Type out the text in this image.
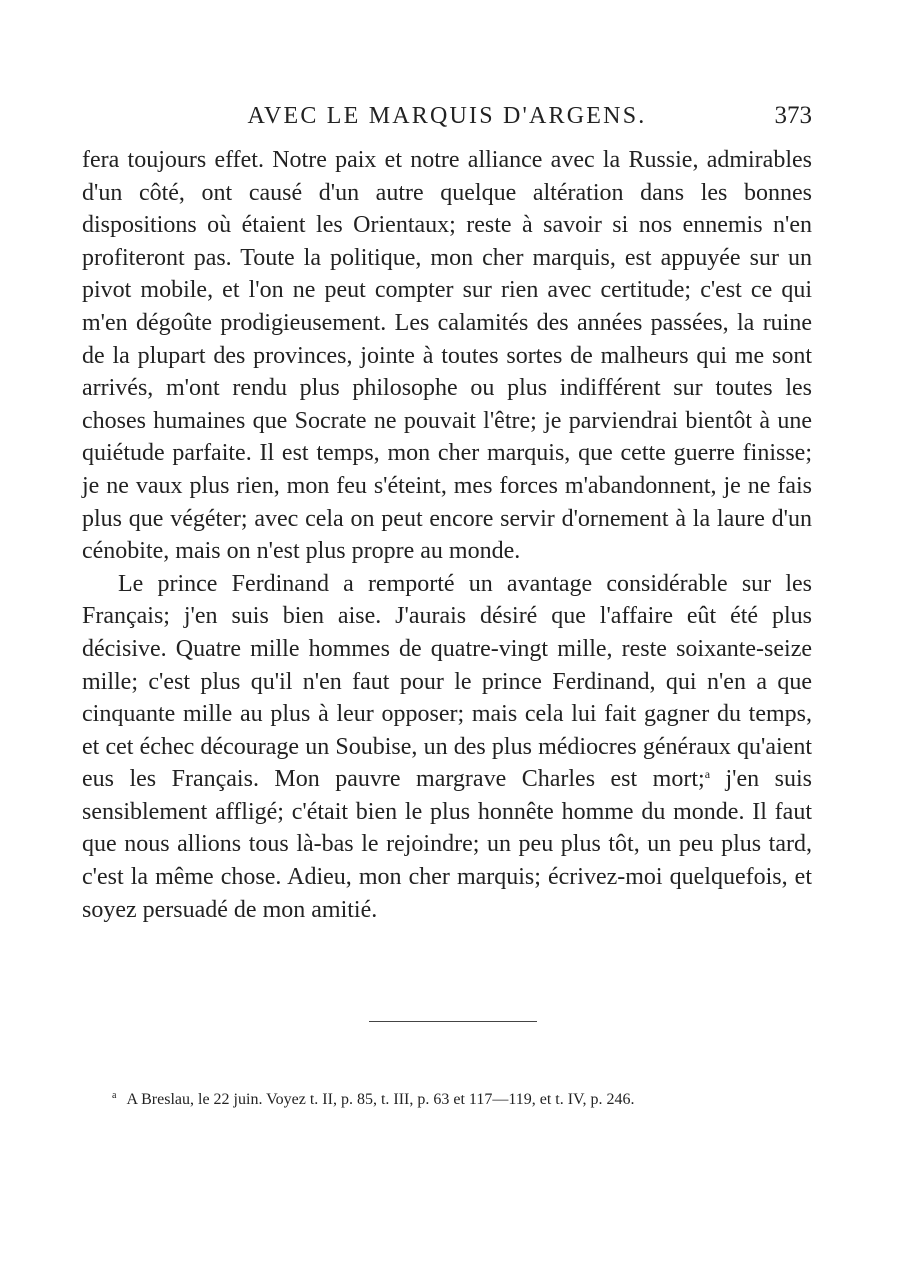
AVEC LE MARQUIS D'ARGENS.	373

fera toujours effet. Notre paix et notre alliance avec la Russie, admirables d'un côté, ont causé d'un autre quelque altération dans les bonnes dispositions où étaient les Orientaux; reste à savoir si nos ennemis n'en profiteront pas. Toute la politique, mon cher marquis, est appuyée sur un pivot mobile, et l'on ne peut compter sur rien avec certitude; c'est ce qui m'en dégoûte prodigieusement. Les calamités des années passées, la ruine de la plupart des provinces, jointe à toutes sortes de malheurs qui me sont arrivés, m'ont rendu plus philosophe ou plus indifférent sur toutes les choses humaines que Socrate ne pouvait l'être; je parviendrai bientôt à une quiétude parfaite. Il est temps, mon cher marquis, que cette guerre finisse; je ne vaux plus rien, mon feu s'éteint, mes forces m'abandonnent, je ne fais plus que végéter; avec cela on peut encore servir d'ornement à la laure d'un cénobite, mais on n'est plus propre au monde.

Le prince Ferdinand a remporté un avantage considérable sur les Français; j'en suis bien aise. J'aurais désiré que l'affaire eût été plus décisive. Quatre mille hommes de quatre-vingt mille, reste soixante-seize mille; c'est plus qu'il n'en faut pour le prince Ferdinand, qui n'en a que cinquante mille au plus à leur opposer; mais cela lui fait gagner du temps, et cet échec décourage un Soubise, un des plus médiocres généraux qu'aient eus les Français. Mon pauvre margrave Charles est mort;$^a$ j'en suis sensiblement affligé; c'était bien le plus honnête homme du monde. Il faut que nous allions tous là-bas le rejoindre; un peu plus tôt, un peu plus tard, c'est la même chose. Adieu, mon cher marquis; écrivez-moi quelquefois, et soyez persuadé de mon amitié.

$^a$ A Breslau, le 22 juin. Voyez t. II, p. 85, t. III, p. 63 et 117—119, et t. IV, p. 246.
